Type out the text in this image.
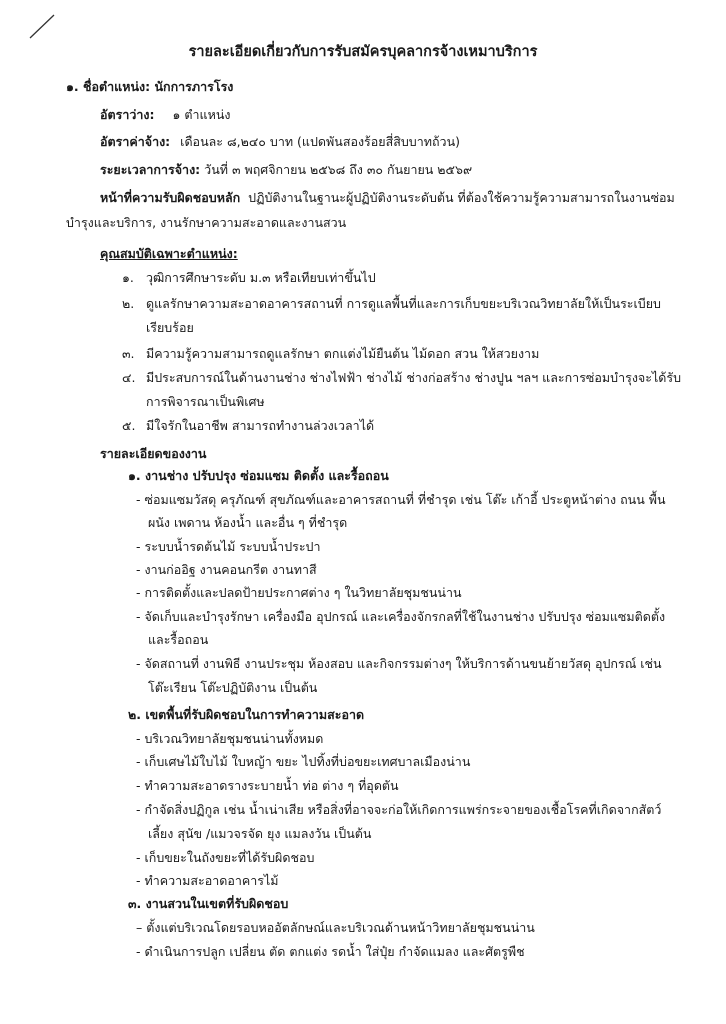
รายละเอียดเกี่ยวกับการรับสมัครบุคลากรจ้างเหมาบริการ
๑. ชื่อตำแหน่ง: นักการภารโรง
อัตราว่าง: ๑ ตำแหน่ง
อัตราค่าจ้าง: เดือนละ ๘,๒๔๐ บาท (แปดพันสองร้อยสี่สิบบาทถ้วน)
ระยะเวลาการจ้าง: วันที่ ๓ พฤศจิกายน ๒๕๖๘ ถึง ๓๐ กันยายน ๒๕๖๙
หน้าที่ความรับผิดชอบหลัก ปฏิบัติงานในฐานะผู้ปฏิบัติงานระดับต้น ที่ต้องใช้ความรู้ความสามารถในงานซ่อม
บำรุงและบริการ, งานรักษาความสะอาดและงานสวน
คุณสมบัติเฉพาะตำแหน่ง:
๑. วุฒิการศึกษาระดับ ม.๓ หรือเทียบเท่าขึ้นไป
๒. ดูแลรักษาความสะอาดอาคารสถานที่ การดูแลพื้นที่และการเก็บขยะบริเวณวิทยาลัยให้เป็นระเบียบ
เรียบร้อย
๓. มีความรู้ความสามารถดูแลรักษา ตกแต่งไม้ยืนต้น ไม้ดอก สวน ให้สวยงาม
๔. มีประสบการณ์ในด้านงานช่าง ช่างไฟฟ้า ช่างไม้ ช่างก่อสร้าง ช่างปูน ฯลฯ และการซ่อมบำรุงจะได้รับ
การพิจารณาเป็นพิเศษ
๕. มีใจรักในอาชีพ สามารถทำงานล่วงเวลาได้
รายละเอียดของงาน
๑. งานช่าง ปรับปรุง ซ่อมแซม ติดตั้ง และรื้อถอน
- ซ่อมแซมวัสดุ ครุภัณฑ์ สุขภัณฑ์และอาคารสถานที่ ที่ชำรุด เช่น โต๊ะ เก้าอี้ ประตูหน้าต่าง ถนน พื้น
ผนัง เพดาน ห้องน้ำ และอื่น ๆ ที่ชำรุด
- ระบบน้ำรดต้นไม้ ระบบน้ำประปา
- งานก่ออิฐ งานคอนกรีต งานทาสี
- การติดตั้งและปลดป้ายประกาศต่าง ๆ ในวิทยาลัยชุมชนน่าน
- จัดเก็บและบำรุงรักษา เครื่องมือ อุปกรณ์ และเครื่องจักรกลที่ใช้ในงานช่าง ปรับปรุง ซ่อมแซมติดตั้ง
และรื้อถอน
- จัดสถานที่ งานพิธี งานประชุม ห้องสอบ และกิจกรรมต่างๆ ให้บริการด้านขนย้ายวัสดุ อุปกรณ์ เช่น
โต๊ะเรียน โต๊ะปฏิบัติงาน เป็นต้น
๒. เขตพื้นที่รับผิดชอบในการทำความสะอาด
- บริเวณวิทยาลัยชุมชนน่านทั้งหมด
- เก็บเศษไม้ใบไม้ ใบหญ้า ขยะ ไปทิ้งที่บ่อขยะเทศบาลเมืองน่าน
- ทำความสะอาดรางระบายน้ำ ท่อ ต่าง ๆ ที่อุดตัน
- กำจัดสิ่งปฏิกูล เช่น น้ำเน่าเสีย หรือสิ่งที่อาจจะก่อให้เกิดการแพร่กระจายของเชื้อโรคที่เกิดจากสัตว์
เลี้ยง สุนัข /แมวจรจัด ยุง แมลงวัน เป็นต้น
- เก็บขยะในถังขยะที่ได้รับผิดชอบ
- ทำความสะอาดอาคารไม้
๓. งานสวนในเขตที่รับผิดชอบ
– ตั้งแต่บริเวณโดยรอบหออัตลักษณ์และบริเวณด้านหน้าวิทยาลัยชุมชนน่าน
- ดำเนินการปลูก เปลี่ยน ตัด ตกแต่ง รดน้ำ ใส่ปุ๋ย กำจัดแมลง และศัตรูพืช
